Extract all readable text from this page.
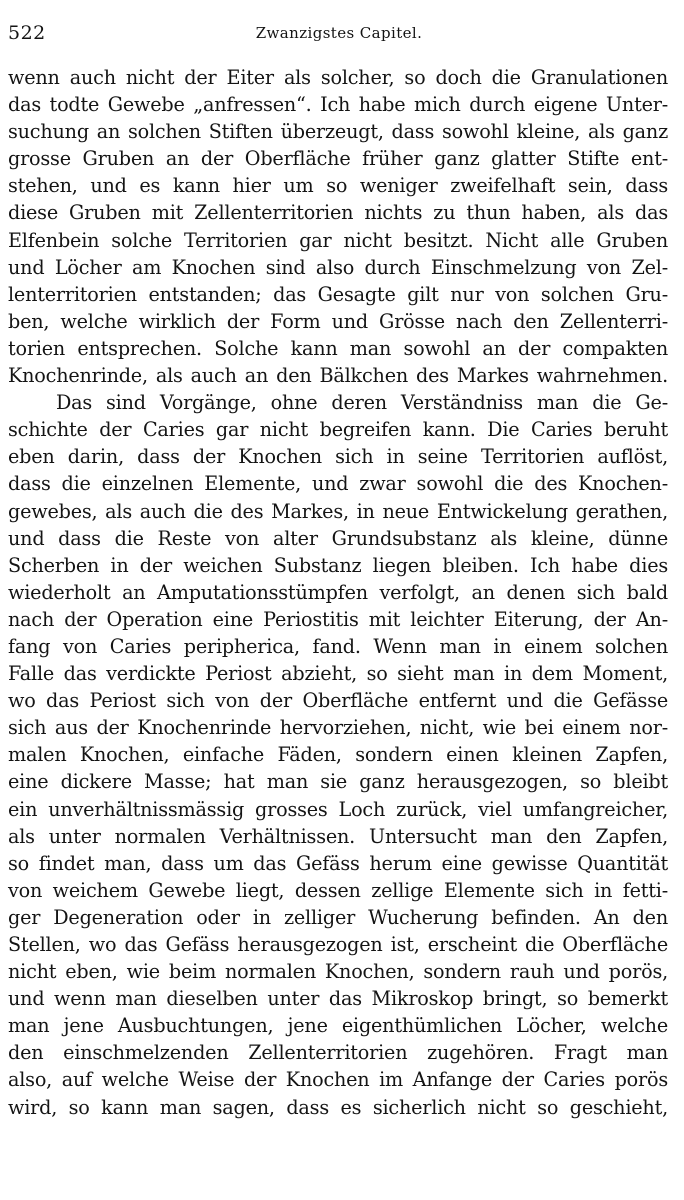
522	Zwanzigstes Capitel.
wenn auch nicht der Eiter als solcher, so doch die Granulationen
das todte Gewebe „anfressen“. Ich habe mich durch eigene Unter-
suchung an solchen Stiften überzeugt, dass sowohl kleine, als ganz
grosse Gruben an der Oberfläche früher ganz glatter Stifte ent-
stehen, und es kann hier um so weniger zweifelhaft sein, dass
diese Gruben mit Zellenterritorien nichts zu thun haben, als das
Elfenbein solche Territorien gar nicht besitzt. Nicht alle Gruben
und Löcher am Knochen sind also durch Einschmelzung von Zel-
lenterritorien entstanden; das Gesagte gilt nur von solchen Gru-
ben, welche wirklich der Form und Grösse nach den Zellenterri-
torien entsprechen. Solche kann man sowohl an der compakten
Knochenrinde, als auch an den Bälkchen des Markes wahrnehmen.
Das sind Vorgänge, ohne deren Verständniss man die Ge-
schichte der Caries gar nicht begreifen kann. Die Caries beruht
eben darin, dass der Knochen sich in seine Territorien auflöst,
dass die einzelnen Elemente, und zwar sowohl die des Knochen-
gewebes, als auch die des Markes, in neue Entwickelung gerathen,
und dass die Reste von alter Grundsubstanz als kleine, dünne
Scherben in der weichen Substanz liegen bleiben. Ich habe dies
wiederholt an Amputationsstümpfen verfolgt, an denen sich bald
nach der Operation eine Periostitis mit leichter Eiterung, der An-
fang von Caries peripherica, fand. Wenn man in einem solchen
Falle das verdickte Periost abzieht, so sieht man in dem Moment,
wo das Periost sich von der Oberfläche entfernt und die Gefässe
sich aus der Knochenrinde hervorziehen, nicht, wie bei einem nor-
malen Knochen, einfache Fäden, sondern einen kleinen Zapfen,
eine dickere Masse; hat man sie ganz herausgezogen, so bleibt
ein unverhältnissmässig grosses Loch zurück, viel umfangreicher,
als unter normalen Verhältnissen. Untersucht man den Zapfen,
so findet man, dass um das Gefäss herum eine gewisse Quantität
von weichem Gewebe liegt, dessen zellige Elemente sich in fetti-
ger Degeneration oder in zelliger Wucherung befinden. An den
Stellen, wo das Gefäss herausgezogen ist, erscheint die Oberfläche
nicht eben, wie beim normalen Knochen, sondern rauh und porös,
und wenn man dieselben unter das Mikroskop bringt, so bemerkt
man jene Ausbuchtungen, jene eigenthümlichen Löcher, welche
den einschmelzenden Zellenterritorien zugehören. Fragt man
also, auf welche Weise der Knochen im Anfange der Caries porös
wird, so kann man sagen, dass es sicherlich nicht so geschieht,
